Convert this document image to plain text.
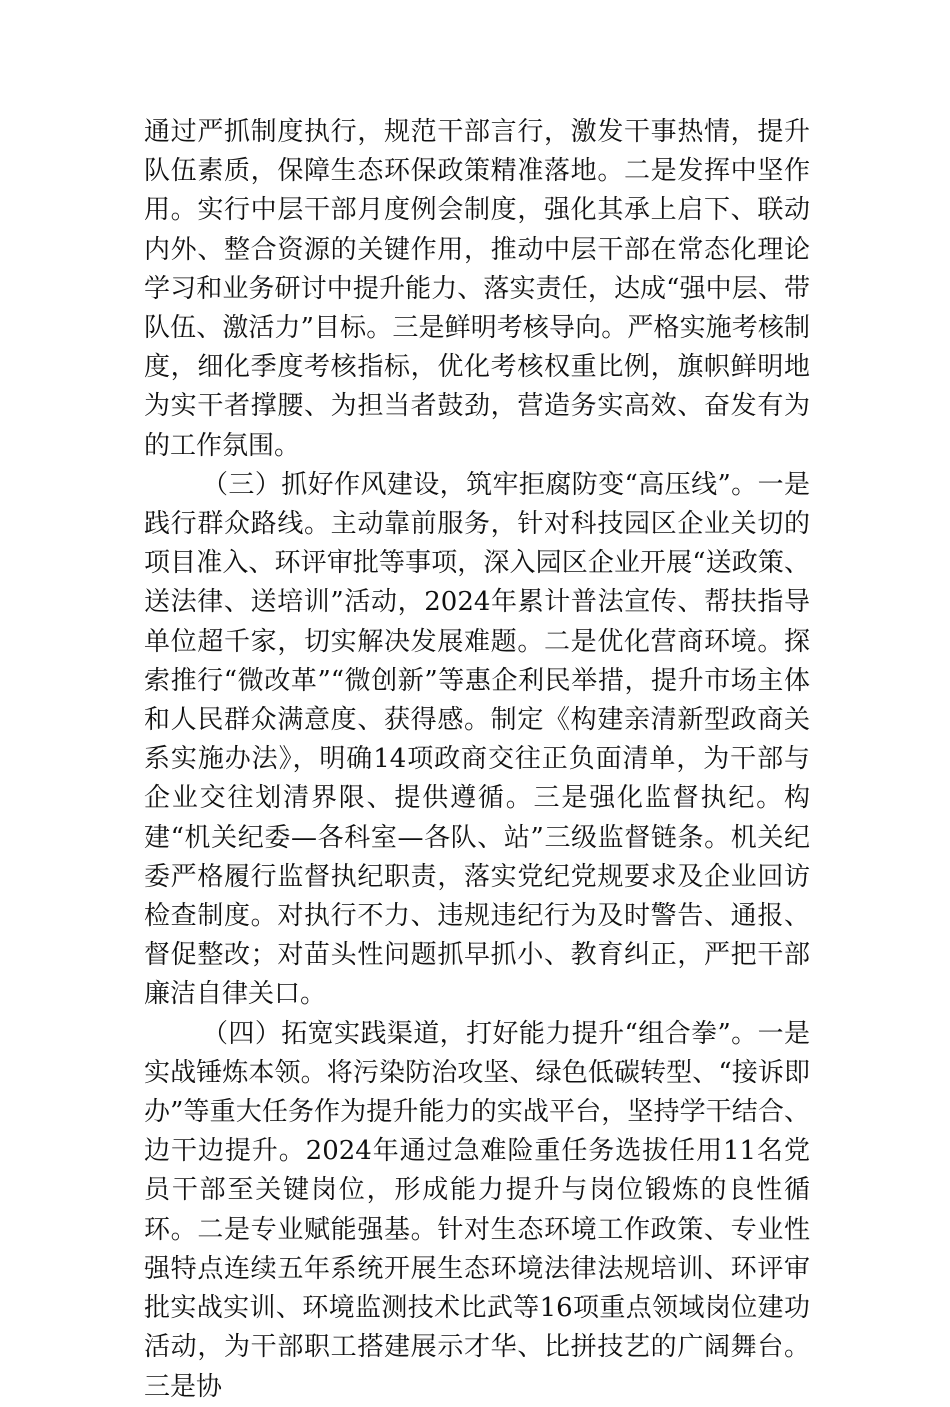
通过严抓制度执行，规范干部言行，激发干事热情，提升队伍素质，保障生态环保政策精准落地。二是发挥中坚作用。实行中层干部月度例会制度，强化其承上启下、联动内外、整合资源的关键作用，推动中层干部在常态化理论学习和业务研讨中提升能力、落实责任，达成“强中层、带队伍、激活力”目标。三是鲜明考核导向。严格实施考核制度，细化季度考核指标，优化考核权重比例，旗帜鲜明地为实干者撑腰、为担当者鼓劲，营造务实高效、奋发有为的工作氛围。

（三）抓好作风建设，筑牢拒腐防变“高压线”。一是践行群众路线。主动靠前服务，针对科技园区企业关切的项目准入、环评审批等事项，深入园区企业开展“送政策、送法律、送培训”活动，2024年累计普法宣传、帮扶指导单位超千家，切实解决发展难题。二是优化营商环境。探索推行“微改革”“微创新”等惠企利民举措，提升市场主体和人民群众满意度、获得感。制定《构建亲清新型政商关系实施办法》，明确14项政商交往正负面清单，为干部与企业交往划清界限、提供遵循。三是强化监督执纪。构建“机关纪委—各科室—各队、站”三级监督链条。机关纪委严格履行监督执纪职责，落实党纪党规要求及企业回访检查制度。对执行不力、违规违纪行为及时警告、通报、督促整改；对苗头性问题抓早抓小、教育纠正，严把干部廉洁自律关口。

（四）拓宽实践渠道，打好能力提升“组合拳”。一是实战锤炼本领。将污染防治攻坚、绿色低碳转型、“接诉即办”等重大任务作为提升能力的实战平台，坚持学干结合、边干边提升。2024年通过急难险重任务选拔任用11名党员干部至关键岗位，形成能力提升与岗位锻炼的良性循环。二是专业赋能强基。针对生态环境工作政策、专业性强特点连续五年系统开展生态环境法律法规培训、环评审批实战实训、环境监测技术比武等16项重点领域岗位建功活动，为干部职工搭建展示才华、比拼技艺的广阔舞台。三是协
